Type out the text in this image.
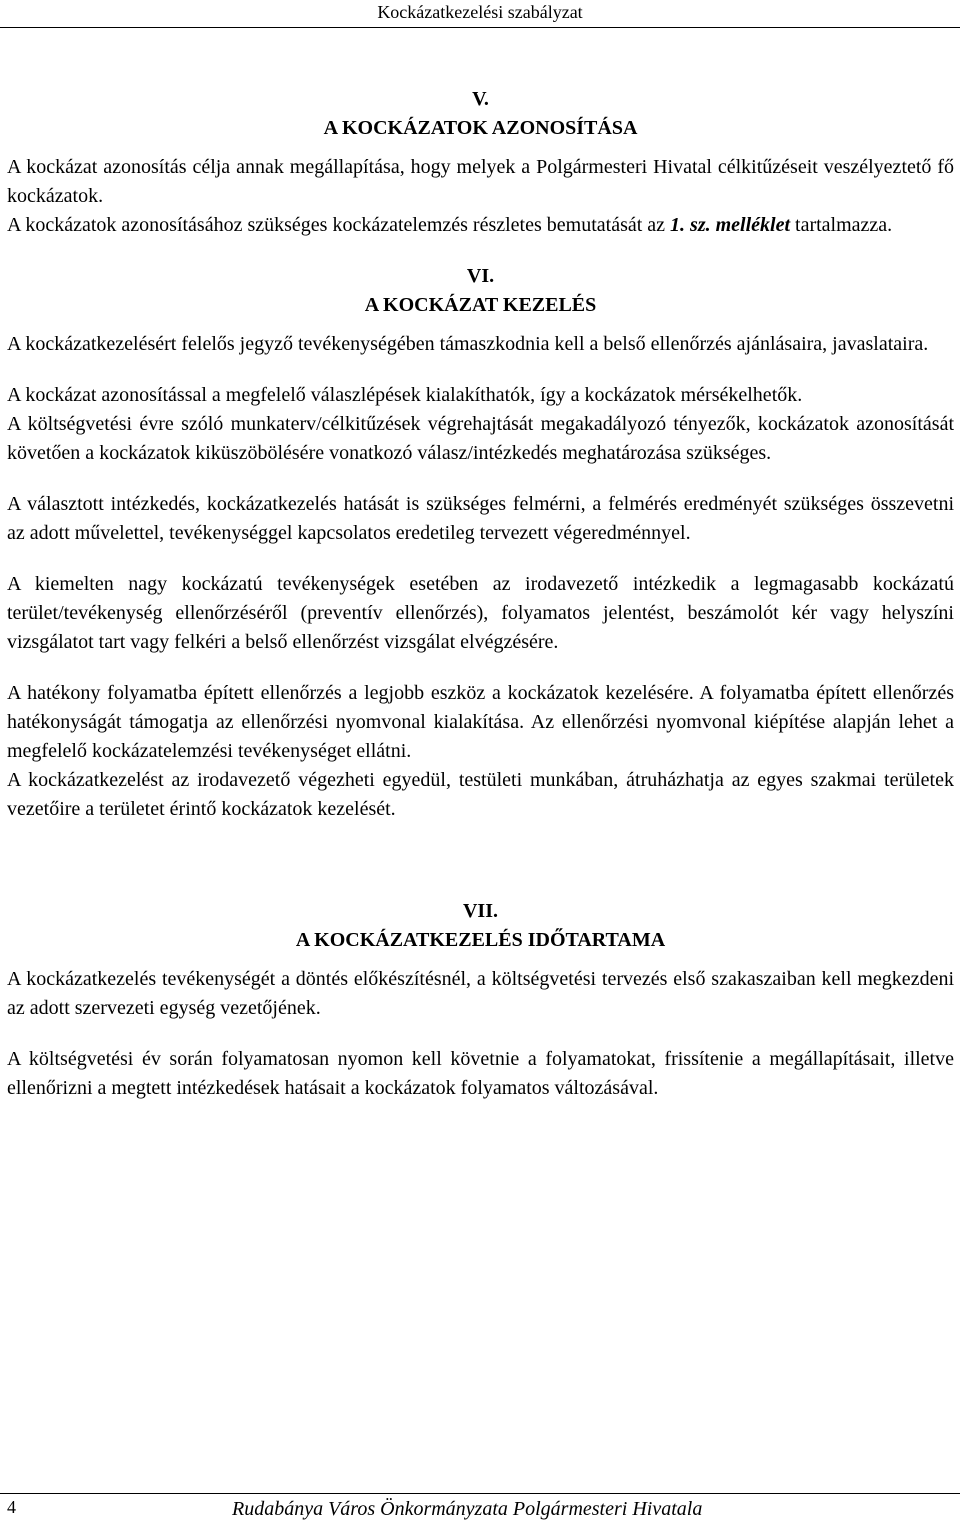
Kockázatkezelési szabályzat

V.

A KOCKÁZATOK AZONOSÍTÁSA

A kockázat azonosítás célja annak megállapítása, hogy melyek a Polgármesteri Hivatal célkitűzéseit veszélyeztető fő kockázatok.

A kockázatok azonosításához szükséges kockázatelemzés részletes bemutatását az 1. sz. melléklet tartalmazza.

VI.

A KOCKÁZAT KEZELÉS

A kockázatkezelésért felelős jegyző tevékenységében támaszkodnia kell a belső ellenőrzés ajánlásaira, javaslataira.

A kockázat azonosítással a megfelelő válaszlépések kialakíthatók, így a kockázatok mérsékelhetők.

A költségvetési évre szóló munkaterv/célkitűzések végrehajtását megakadályozó tényezők, kockázatok azonosítását követően a kockázatok kiküszöbölésére vonatkozó válasz/intézkedés meghatározása szükséges.

A választott intézkedés, kockázatkezelés hatását is szükséges felmérni, a felmérés eredményét szükséges összevetni az adott művelettel, tevékenységgel kapcsolatos eredetileg tervezett végeredménnyel.

A kiemelten nagy kockázatú tevékenységek esetében az irodavezető intézkedik a legmagasabb kockázatú terület/tevékenység ellenőrzéséről (preventív ellenőrzés), folyamatos jelentést, beszámolót kér vagy helyszíni vizsgálatot tart vagy felkéri a belső ellenőrzést vizsgálat elvégzésére.

A hatékony folyamatba épített ellenőrzés a legjobb eszköz a kockázatok kezelésére. A folyamatba épített ellenőrzés hatékonyságát támogatja az ellenőrzési nyomvonal kialakítása. Az ellenőrzési nyomvonal kiépítése alapján lehet a megfelelő kockázatelemzési tevékenységet ellátni.

A kockázatkezelést az irodavezető végezheti egyedül, testületi munkában, átruházhatja az egyes szakmai területek vezetőire a területet érintő kockázatok kezelését.

VII.

A KOCKÁZATKEZELÉS IDŐTARTAMA

A kockázatkezelés tevékenységét a döntés előkészítésnél, a költségvetési tervezés első szakaszaiban kell megkezdeni az adott szervezeti egység vezetőjének.

A költségvetési év során folyamatosan nyomon kell követnie a folyamatokat, frissítenie a megállapításait, illetve ellenőrizni a megtett intézkedések hatásait a kockázatok folyamatos változásával.

4	Rudabánya Város Önkormányzata Polgármesteri Hivatala
